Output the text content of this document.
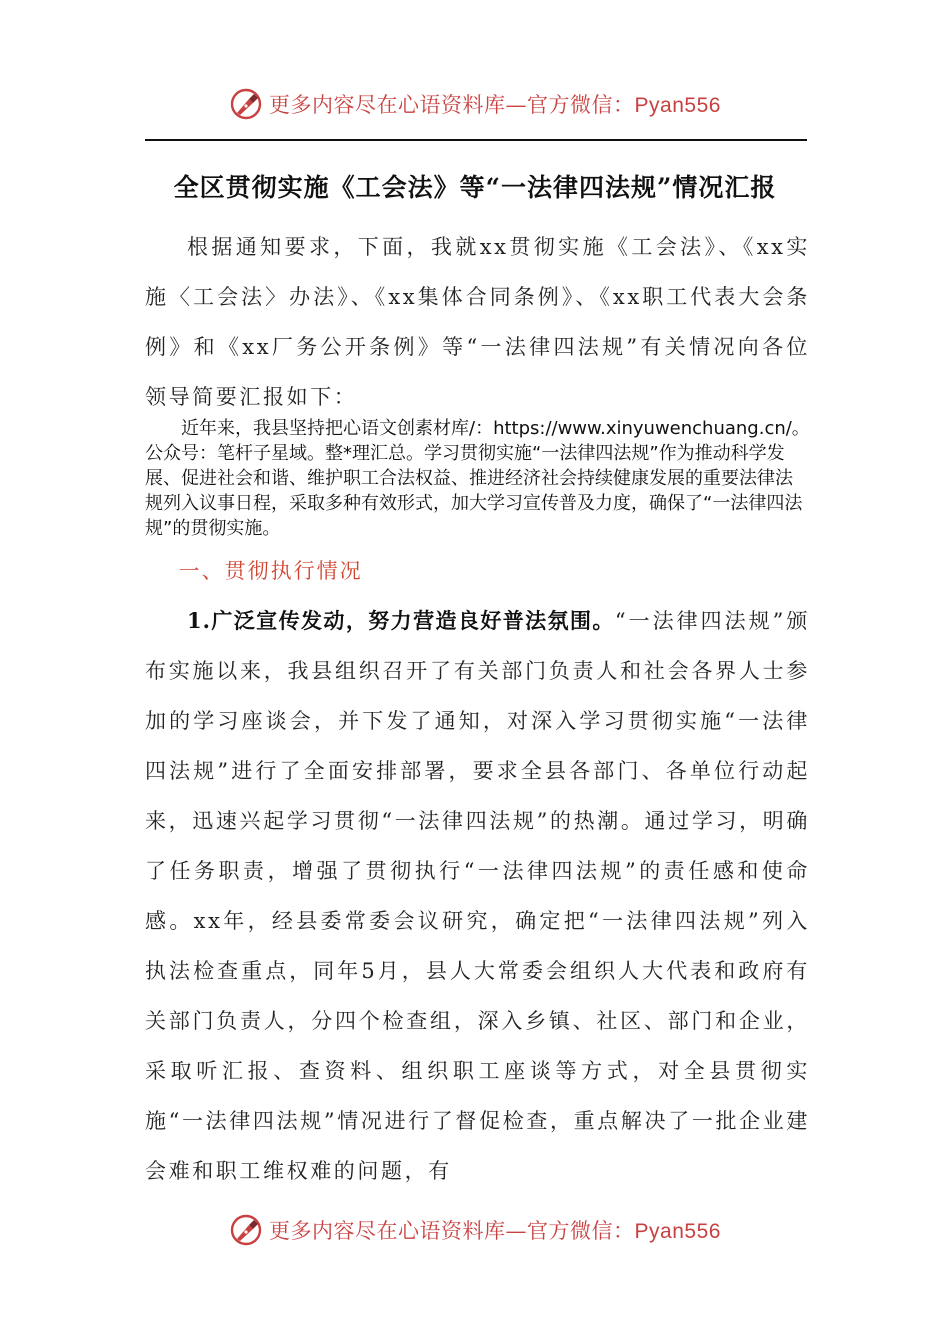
更多内容尽在心语资料库—官方微信：Pyan556
全区贯彻实施《工会法》等“一法律四法规”情况汇报

根据通知要求，下面，我就xx贯彻实施《工会法》、《xx实施〈工会法〉办法》、《xx集体合同条例》、《xx职工代表大会条例》和《xx厂务公开条例》等“一法律四法规”有关情况向各位领导简要汇报如下：

近年来，我县坚持把心语文创素材库/：https://www.xinyuwenchuang.cn/。公众号：笔杆子星域。整*理汇总。学习贯彻实施“一法律四法规”作为推动科学发展、促进社会和谐、维护职工合法权益、推进经济社会持续健康发展的重要法律法规列入议事日程，采取多种有效形式，加大学习宣传普及力度，确保了“一法律四法规”的贯彻实施。

一、贯彻执行情况

1.广泛宣传发动，努力营造良好普法氛围。“一法律四法规”颁布实施以来，我县组织召开了有关部门负责人和社会各界人士参加的学习座谈会，并下发了通知，对深入学习贯彻实施“一法律四法规”进行了全面安排部署，要求全县各部门、各单位行动起来，迅速兴起学习贯彻“一法律四法规”的热潮。通过学习，明确了任务职责，增强了贯彻执行“一法律四法规”的责任感和使命感。xx年，经县委常委会议研究，确定把“一法律四法规”列入执法检查重点，同年5月，县人大常委会组织人大代表和政府有关部门负责人，分四个检查组，深入乡镇、社区、部门和企业，采取听汇报、查资料、组织职工座谈等方式，对全县贯彻实施“一法律四法规”情况进行了督促检查，重点解决了一批企业建会难和职工维权难的问题，有

更多内容尽在心语资料库—官方微信：Pyan556
